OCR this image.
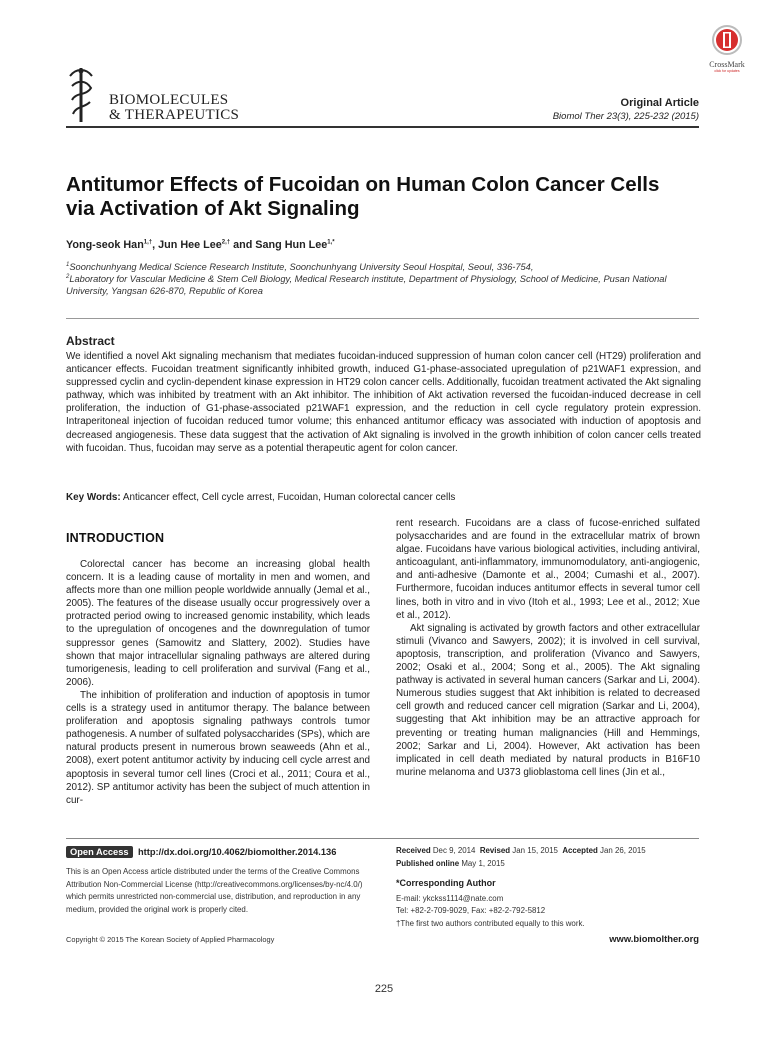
BIOMOLECULES
& THERAPEUTICS
CrossMark
click for updates
Original Article
Biomol Ther 23(3), 225-232 (2015)
Antitumor Effects of Fucoidan on Human Colon Cancer Cells via Activation of Akt Signaling
Yong-seok Han$^{1,\dagger}$, Jun Hee Lee$^{2,\dagger}$ and Sang Hun Lee$^{1,*}$
$^1$Soonchunhyang Medical Science Research Institute, Soonchunhyang University Seoul Hospital, Seoul, 336-754,
$^2$Laboratory for Vascular Medicine & Stem Cell Biology, Medical Research institute, Department of Physiology, School of Medicine, Pusan National University, Yangsan 626-870, Republic of Korea
Abstract
We identified a novel Akt signaling mechanism that mediates fucoidan-induced suppression of human colon cancer cell (HT29) proliferation and anticancer effects. Fucoidan treatment significantly inhibited growth, induced G1-phase-associated upregulation of p21WAF1 expression, and suppressed cyclin and cyclin-dependent kinase expression in HT29 colon cancer cells. Additionally, fucoidan treatment activated the Akt signaling pathway, which was inhibited by treatment with an Akt inhibitor. The inhibition of Akt activation reversed the fucoidan-induced decrease in cell proliferation, the induction of G1-phase-associated p21WAF1 expression, and the reduction in cell cycle regulatory protein expression. Intraperitoneal injection of fucoidan reduced tumor volume; this enhanced antitumor efficacy was associated with induction of apoptosis and decreased angiogenesis. These data suggest that the activation of Akt signaling is involved in the growth inhibition of colon cancer cells treated with fucoidan. Thus, fucoidan may serve as a potential therapeutic agent for colon cancer.
Key Words: Anticancer effect, Cell cycle arrest, Fucoidan, Human colorectal cancer cells
INTRODUCTION

Colorectal cancer has become an increasing global health concern. It is a leading cause of mortality in men and women, and affects more than one million people worldwide annually (Jemal et al., 2005). The features of the disease usually occur progressively over a protracted period owing to increased genomic instability, which leads to the upregulation of oncogenes and the downregulation of tumor suppressor genes (Samowitz and Slattery, 2002). Studies have shown that major intracellular signaling pathways are altered during tumorigenesis, leading to cell proliferation and survival (Fang et al., 2006).

The inhibition of proliferation and induction of apoptosis in tumor cells is a strategy used in antitumor therapy. The balance between proliferation and apoptosis signaling pathways controls tumor pathogenesis. A number of sulfated polysaccharides (SPs), which are natural products present in numerous brown seaweeds (Ahn et al., 2008), exert potent antitumor activity by inducing cell cycle arrest and apoptosis in several tumor cell lines (Croci et al., 2011; Coura et al., 2012). SP antitumor activity has been the subject of much attention in cur-

rent research. Fucoidans are a class of fucose-enriched sulfated polysaccharides and are found in the extracellular matrix of brown algae. Fucoidans have various biological activities, including antiviral, anticoagulant, anti-inflammatory, immunomodulatory, anti-angiogenic, and anti-adhesive (Damonte et al., 2004; Cumashi et al., 2007). Furthermore, fucoidan induces antitumor effects in several tumor cell lines, both in vitro and in vivo (Itoh et al., 1993; Lee et al., 2012; Xue et al., 2012).

Akt signaling is activated by growth factors and other extracellular stimuli (Vivanco and Sawyers, 2002); it is involved in cell survival, apoptosis, transcription, and proliferation (Vivanco and Sawyers, 2002; Osaki et al., 2004; Song et al., 2005). The Akt signaling pathway is activated in several human cancers (Sarkar and Li, 2004). Numerous studies suggest that Akt inhibition is related to decreased cell growth and reduced cancer cell migration (Sarkar and Li, 2004), suggesting that Akt inhibition may be an attractive approach for preventing or treating human malignancies (Hill and Hemmings, 2002; Sarkar and Li, 2004). However, Akt activation has been implicated in cell death mediated by natural products in B16F10 murine melanoma and U373 glioblastoma cell lines (Jin et al.,

Open Access	http://dx.doi.org/10.4062/biomolther.2014.136
This is an Open Access article distributed under the terms of the Creative Commons Attribution Non-Commercial License (http://creativecommons.org/licenses/by-nc/4.0/) which permits unrestricted non-commercial use, distribution, and reproduction in any medium, provided the original work is properly cited.
Received Dec 9, 2014 Revised Jan 15, 2015 Accepted Jan 26, 2015
Published online May 1, 2015
*Corresponding Author
E-mail: ykckss1114@nate.com
Tel: +82-2-709-9029, Fax: +82-2-792-5812
†The first two authors contributed equally to this work.
Copyright © 2015 The Korean Society of Applied Pharmacology	www.biomolther.org
225
